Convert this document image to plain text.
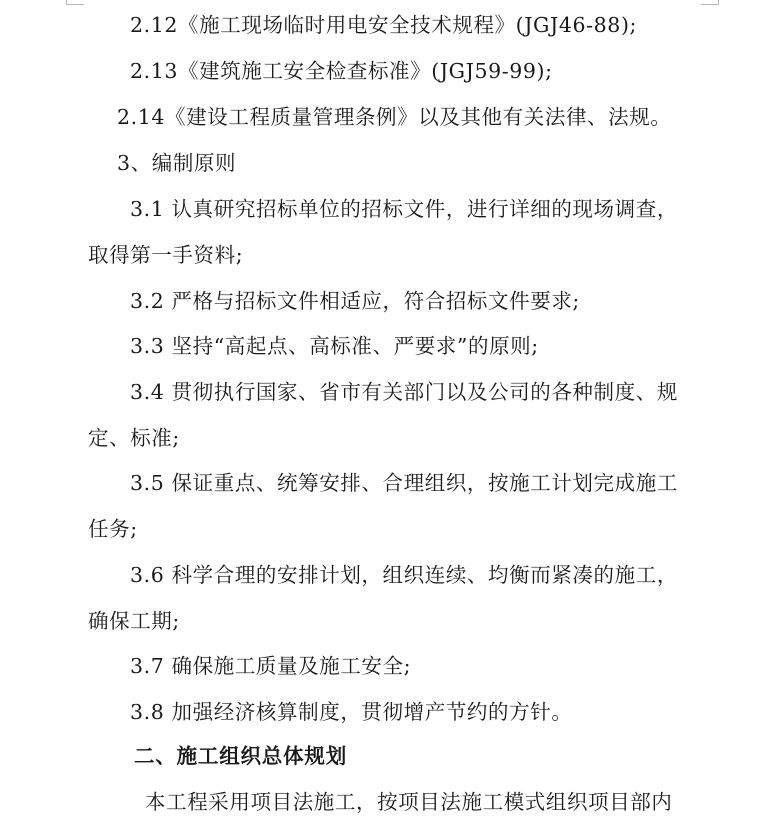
2.12《施工现场临时用电安全技术规程》(JGJ46-88);
2.13《建筑施工安全检查标准》(JGJ59-99);
2.14《建设工程质量管理条例》以及其他有关法律、法规。
3、编制原则
3.1 认真研究招标单位的招标文件，进行详细的现场调查，
取得第一手资料;
3.2 严格与招标文件相适应，符合招标文件要求;
3.3 坚持“高起点、高标准、严要求”的原则;
3.4 贯彻执行国家、省市有关部门以及公司的各种制度、规
定、标准;
3.5 保证重点、统筹安排、合理组织，按施工计划完成施工
任务;
3.6 科学合理的安排计划，组织连续、均衡而紧凑的施工，
确保工期;
3.7 确保施工质量及施工安全;
3.8 加强经济核算制度，贯彻增产节约的方针。
二、施工组织总体规划
本工程采用项目法施工，按项目法施工模式组织项目部内
